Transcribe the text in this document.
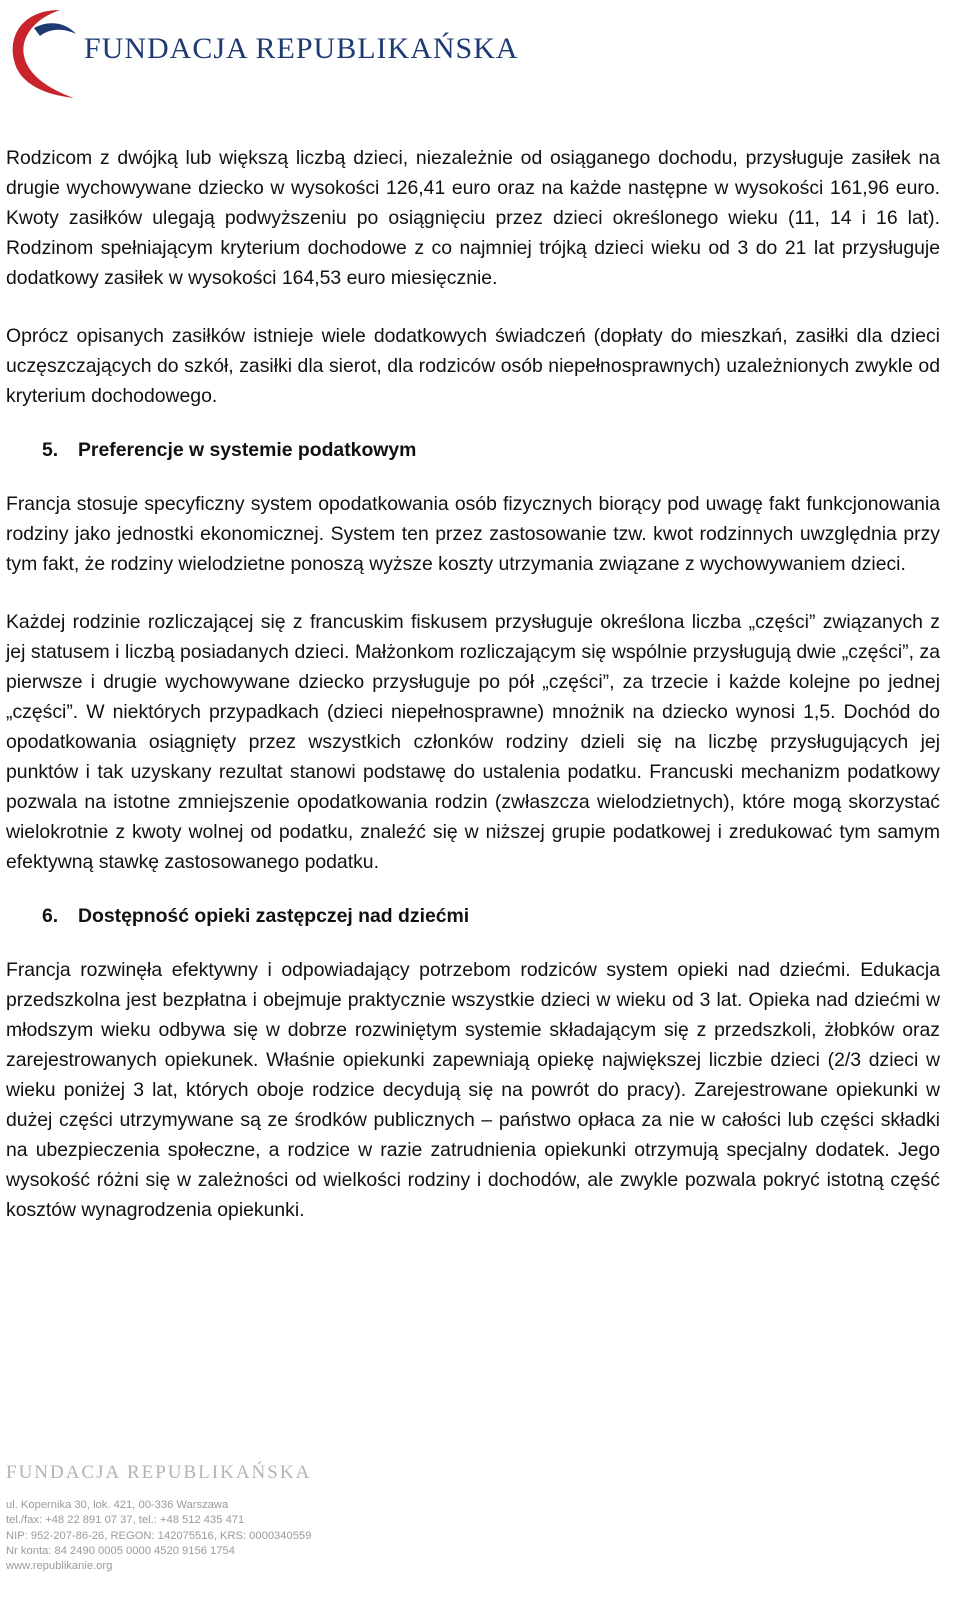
FUNDACJA REPUBLIKAŃSKA

Rodzicom z dwójką lub większą liczbą dzieci, niezależnie od osiąganego dochodu, przysługuje zasiłek na drugie wychowywane dziecko w wysokości 126,41 euro oraz na każde następne w wysokości 161,96 euro. Kwoty zasiłków ulegają podwyższeniu po osiągnięciu przez dzieci określonego wieku (11, 14 i 16 lat). Rodzinom spełniającym kryterium dochodowe z co najmniej trójką dzieci wieku od 3 do 21 lat przysługuje dodatkowy zasiłek w wysokości 164,53 euro miesięcznie.

Oprócz opisanych zasiłków istnieje wiele dodatkowych świadczeń (dopłaty do mieszkań, zasiłki dla dzieci uczęszczających do szkół, zasiłki dla sierot, dla rodziców osób niepełnosprawnych) uzależnionych zwykle od kryterium dochodowego.

5. Preferencje w systemie podatkowym

Francja stosuje specyficzny system opodatkowania osób fizycznych biorący pod uwagę fakt funkcjonowania rodziny jako jednostki ekonomicznej. System ten przez zastosowanie tzw. kwot rodzinnych uwzględnia przy tym fakt, że rodziny wielodzietne ponoszą wyższe koszty utrzymania związane z wychowywaniem dzieci.

Każdej rodzinie rozliczającej się z francuskim fiskusem przysługuje określona liczba „części” związanych z jej statusem i liczbą posiadanych dzieci. Małżonkom rozliczającym się wspólnie przysługują dwie „części”, za pierwsze i drugie wychowywane dziecko przysługuje po pół „części”, za trzecie i każde kolejne po jednej „części”. W niektórych przypadkach (dzieci niepełnosprawne) mnożnik na dziecko wynosi 1,5. Dochód do opodatkowania osiągnięty przez wszystkich członków rodziny dzieli się na liczbę przysługujących jej punktów i tak uzyskany rezultat stanowi podstawę do ustalenia podatku. Francuski mechanizm podatkowy pozwala na istotne zmniejszenie opodatkowania rodzin (zwłaszcza wielodzietnych), które mogą skorzystać wielokrotnie z kwoty wolnej od podatku, znaleźć się w niższej grupie podatkowej i zredukować tym samym efektywną stawkę zastosowanego podatku.

6. Dostępność opieki zastępczej nad dziećmi

Francja rozwinęła efektywny i odpowiadający potrzebom rodziców system opieki nad dziećmi. Edukacja przedszkolna jest bezpłatna i obejmuje praktycznie wszystkie dzieci w wieku od 3 lat. Opieka nad dziećmi w młodszym wieku odbywa się w dobrze rozwiniętym systemie składającym się z przedszkoli, żłobków oraz zarejestrowanych opiekunek. Właśnie opiekunki zapewniają opiekę największej liczbie dzieci (2/3 dzieci w wieku poniżej 3 lat, których oboje rodzice decydują się na powrót do pracy). Zarejestrowane opiekunki w dużej części utrzymywane są ze środków publicznych – państwo opłaca za nie w całości lub części składki na ubezpieczenia społeczne, a rodzice w razie zatrudnienia opiekunki otrzymują specjalny dodatek. Jego wysokość różni się w zależności od wielkości rodziny i dochodów, ale zwykle pozwala pokryć istotną część kosztów wynagrodzenia opiekunki.

FUNDACJA REPUBLIKAŃSKA
ul. Kopernika 30, lok. 421, 00-336 Warszawa
tel./fax: +48 22 891 07 37, tel.: +48 512 435 471
NIP: 952-207-86-26, REGON: 142075516, KRS: 0000340559
Nr konta: 84 2490 0005 0000 4520 9156 1754
www.republikanie.org
